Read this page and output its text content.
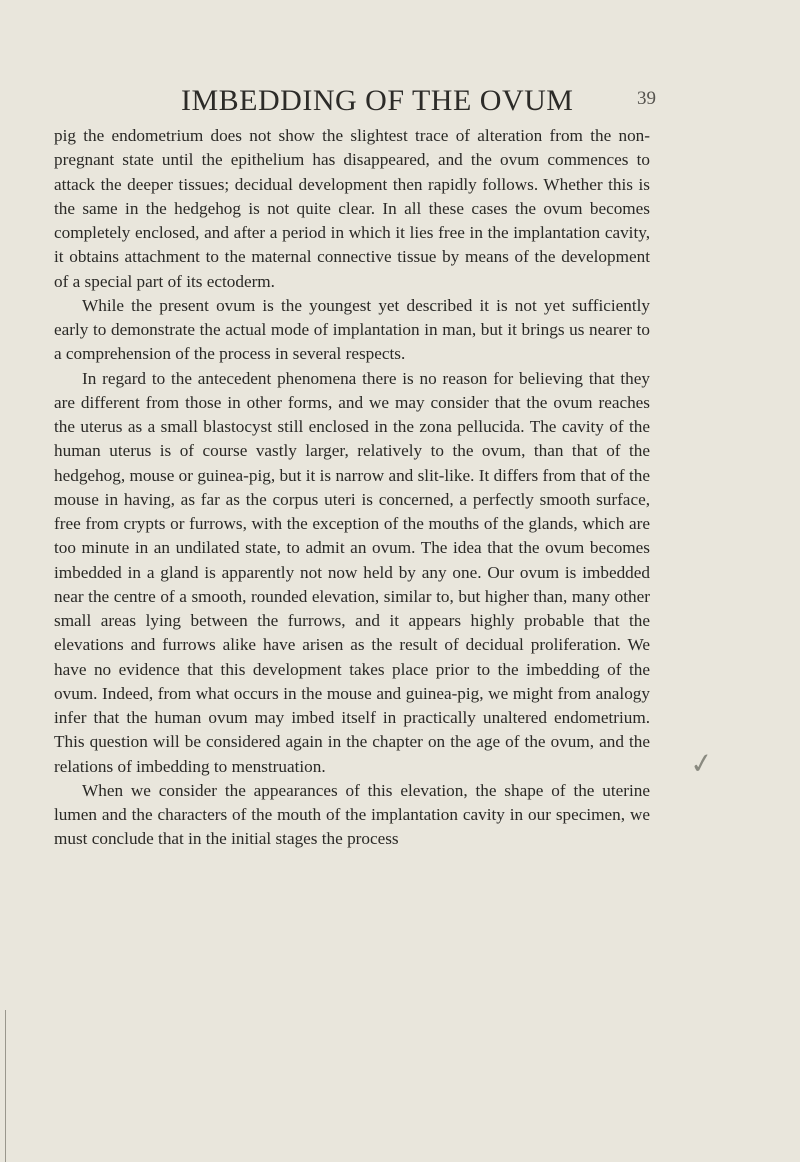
IMBEDDING OF THE OVUM	39

pig the endometrium does not show the slightest trace of alteration from the non-pregnant state until the epithelium has disappeared, and the ovum commences to attack the deeper tissues; decidual development then rapidly follows. Whether this is the same in the hedgehog is not quite clear. In all these cases the ovum becomes completely enclosed, and after a period in which it lies free in the implantation cavity, it obtains attachment to the maternal connective tissue by means of the development of a special part of its ectoderm.

While the present ovum is the youngest yet described it is not yet sufficiently early to demonstrate the actual mode of implantation in man, but it brings us nearer to a comprehension of the process in several respects.

In regard to the antecedent phenomena there is no reason for believing that they are different from those in other forms, and we may consider that the ovum reaches the uterus as a small blastocyst still enclosed in the zona pellucida. The cavity of the human uterus is of course vastly larger, relatively to the ovum, than that of the hedgehog, mouse or guinea-pig, but it is narrow and slit-like. It differs from that of the mouse in having, as far as the corpus uteri is concerned, a perfectly smooth surface, free from crypts or furrows, with the exception of the mouths of the glands, which are too minute in an undilated state, to admit an ovum. The idea that the ovum becomes imbedded in a gland is apparently not now held by any one. Our ovum is imbedded near the centre of a smooth, rounded elevation, similar to, but higher than, many other small areas lying between the furrows, and it appears highly probable that the elevations and furrows alike have arisen as the result of decidual proliferation. We have no evidence that this development takes place prior to the imbedding of the ovum. Indeed, from what occurs in the mouse and guinea-pig, we might from analogy infer that the human ovum may imbed itself in practically unaltered endometrium. This question will be considered again in the chapter on the age of the ovum, and the relations of imbedding to menstruation.

When we consider the appearances of this elevation, the shape of the uterine lumen and the characters of the mouth of the implantation cavity in our specimen, we must conclude that in the initial stages the process

✓
